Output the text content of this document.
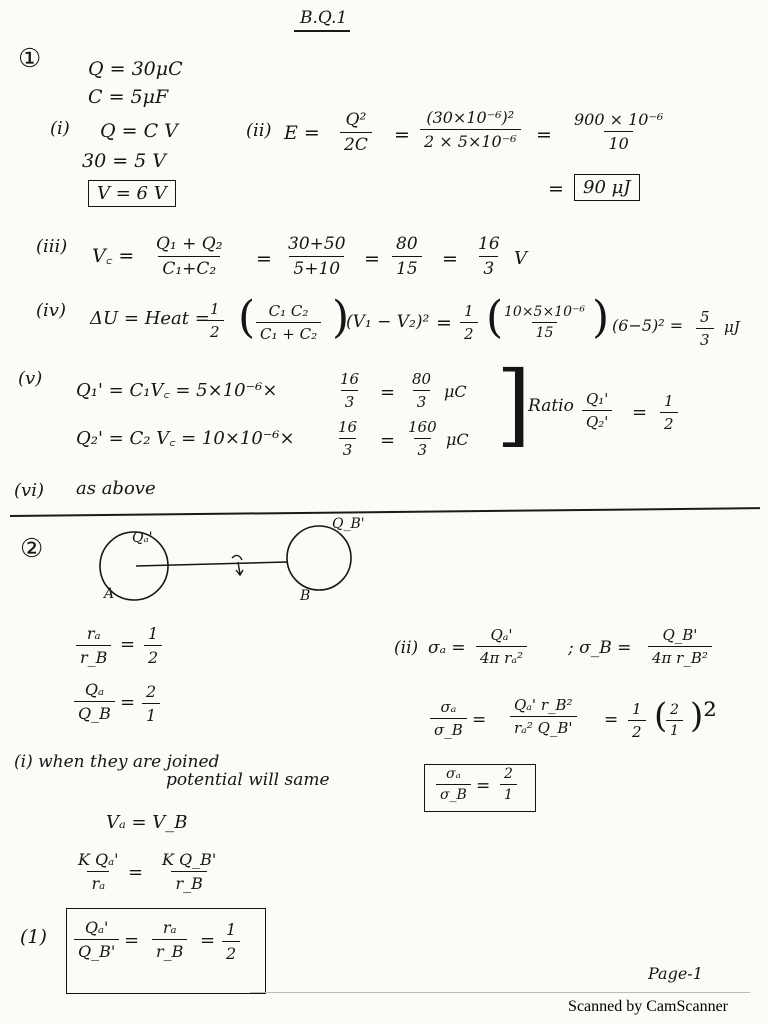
B.Q.1
① Q = 30μC
C = 5μF
(i) Q = C V
30 = 5 V
V = 6 V
(ii) $E = \frac{\text{Q²}}{2C} = \frac{\text{(30×10⁻⁶)²}}{\text{2 × 5×10⁻⁶}} = \frac{\text{900 × 10⁻⁶}}{10}$
=	90 μJ
(iii) V꜀ = $\frac{\text{Q₁ + Q₂}}{\text{C₁+C₂}} = \frac{30+50}{5+10} = \frac{80}{15} = \frac{16}{3}$ V
(iv) ΔU = Heat =
$\frac{1}{2}$ ( $\frac{\text{C₁ C₂}}{\text{C₁ + C₂}}$ )
$(V_1 - V_2)^2 = \frac{1}{2}$ (
$\frac{\text{10×5×10⁻⁶}}{15}$ ) $(6-5)^2 = \frac{5}{3}$ μJ
(v)
Q₁' = C₁V꜀ = 5×10⁻⁶×	$\frac{16}{3} = \frac{80}{3}$ μC
Q₂' = C₂ V꜀ = 10×10⁻⁶×	$\frac{16}{3} = \frac{160}{3}$ μC ]
Ratio $\frac{\text{Q₁'}}{\text{Q₂'}} = \frac{1}{2}$
(vi) as above
②	Qₐ'
Q_B'
A	B
$\frac{\text{rₐ}}{r\_B} = \frac{1}{2}$
$\frac{\text{Qₐ}}{Q\_B} = \frac{2}{1}$
(i) when they are joined
potential will same
Vₐ = V_B
$\frac{\text{K Qₐ'}}{\text{rₐ}} = \frac{\text{K Q\_B'}}{r\_B}$
$(1) \frac{\text{Qₐ'}}{Q\_B'} = \frac{\text{rₐ}}{r\_B} = \frac{1}{2}$
(ii) $\sigma_a = \frac{\text{Qₐ'}}{\text{4π rₐ²}}$ ; σ_B = $\frac{Q\_B'}{\text{4π r\_B²}}$
$\frac{\text{σₐ}}{\sigma\_B} = \frac{\text{Qₐ' r\_B²}}{\text{rₐ² Q\_B'}} = \frac{1}{2}$ (
$\frac{2}{1} )^2$
$\frac{\text{σₐ}}{\sigma\_B} = \frac{2}{1}$
Page-1
Scanned by CamScanner
